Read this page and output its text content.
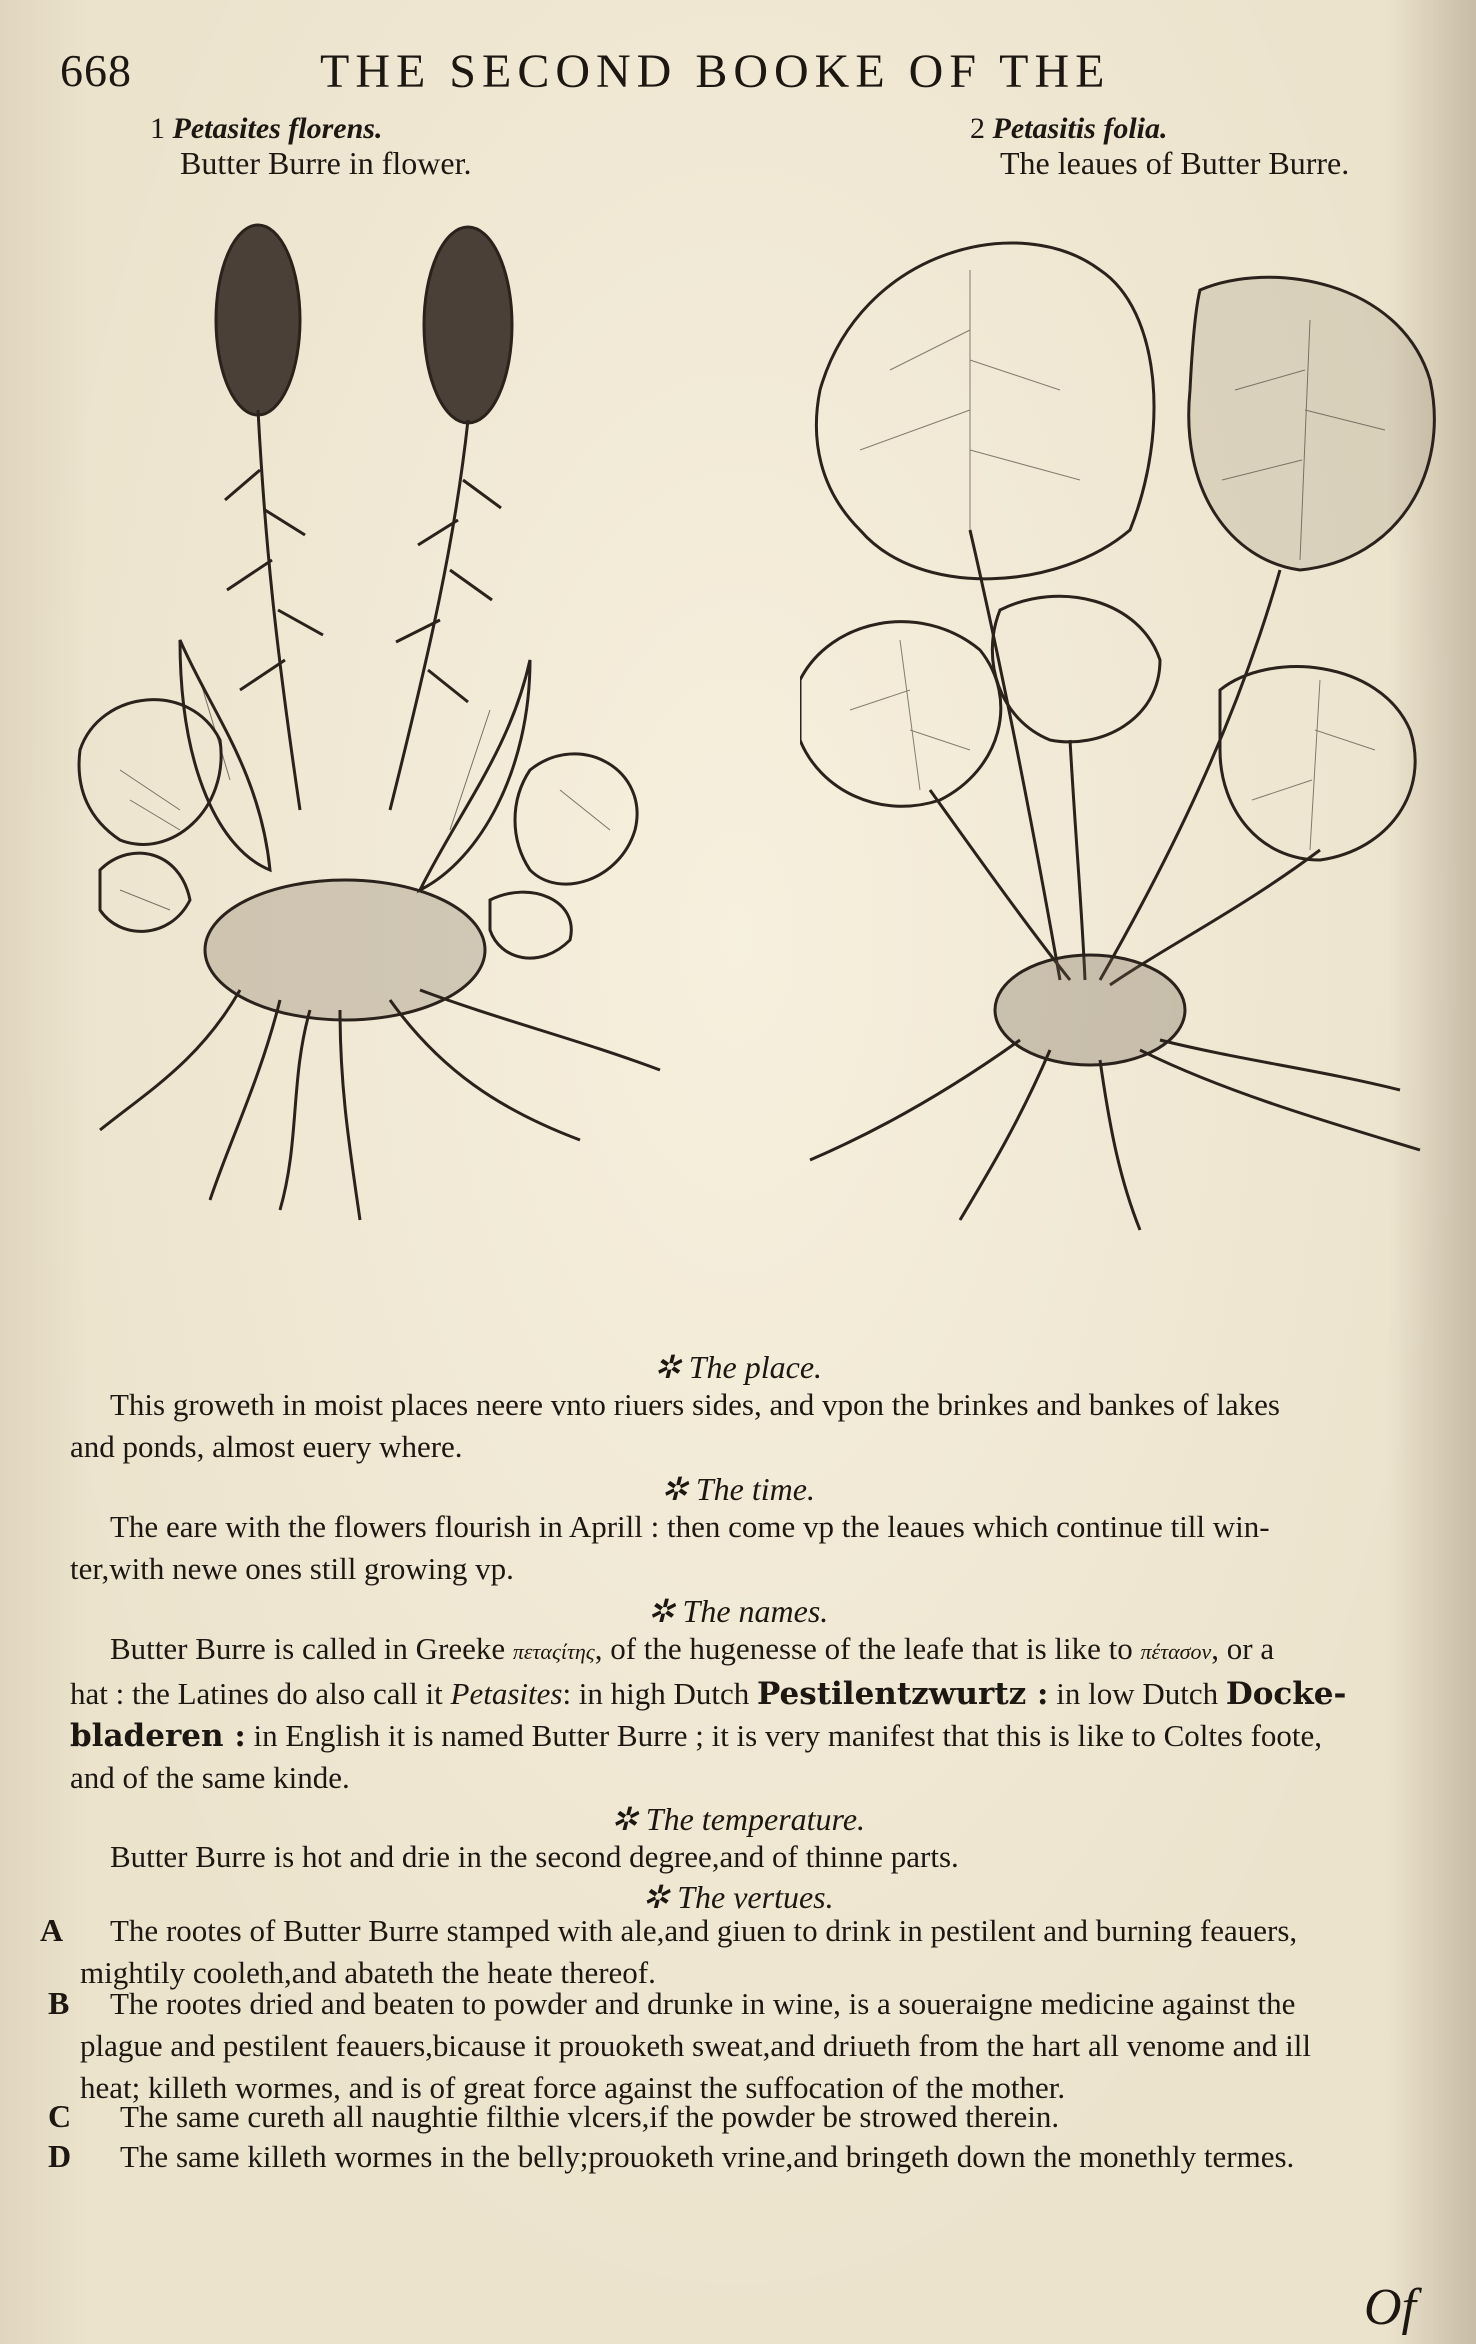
668	THE SECOND BOOKE OF THE
1 Petasites florens.
Butter Burre in flower.
2 Petasitis folia.
The leaues of Butter Burre.
✲ The place.
This groweth in moist places neere vnto riuers sides, and vpon the brinkes and bankes of lakes
and ponds, almost euery where.
✲ The time.
The eare with the flowers flourish in Aprill : then come vp the leaues which continue till win-
ter,with newe ones still growing vp.
✲ The names.
Butter Burre is called in Greeke πεταςίτης, of the hugenesse of the leafe that is like to πέτασον, or a
hat : the Latines do also call it Petasites: in high Dutch Pestilentzwurtz : in low Dutch Docke-
bladeren : in English it is named Butter Burre ; it is very manifest that this is like to Coltes foote,
and of the same kinde.
✲ The temperature.
Butter Burre is hot and drie in the second degree,and of thinne parts.
✲ The vertues.
A The rootes of Butter Burre stamped with ale,and giuen to drink in pestilent and burning feauers,
mightily cooleth,and abateth the heate thereof.
B The rootes dried and beaten to powder and drunke in wine, is a soueraigne medicine against the
plague and pestilent feauers,bicause it prouoketh sweat,and driueth from the hart all venome and ill
heat; killeth wormes, and is of great force against the suffocation of the mother.
C The same cureth all naughtie filthie vlcers,if the powder be strowed therein.
D The same killeth wormes in the belly;prouoketh vrine,and bringeth down the monethly termes.
Of
